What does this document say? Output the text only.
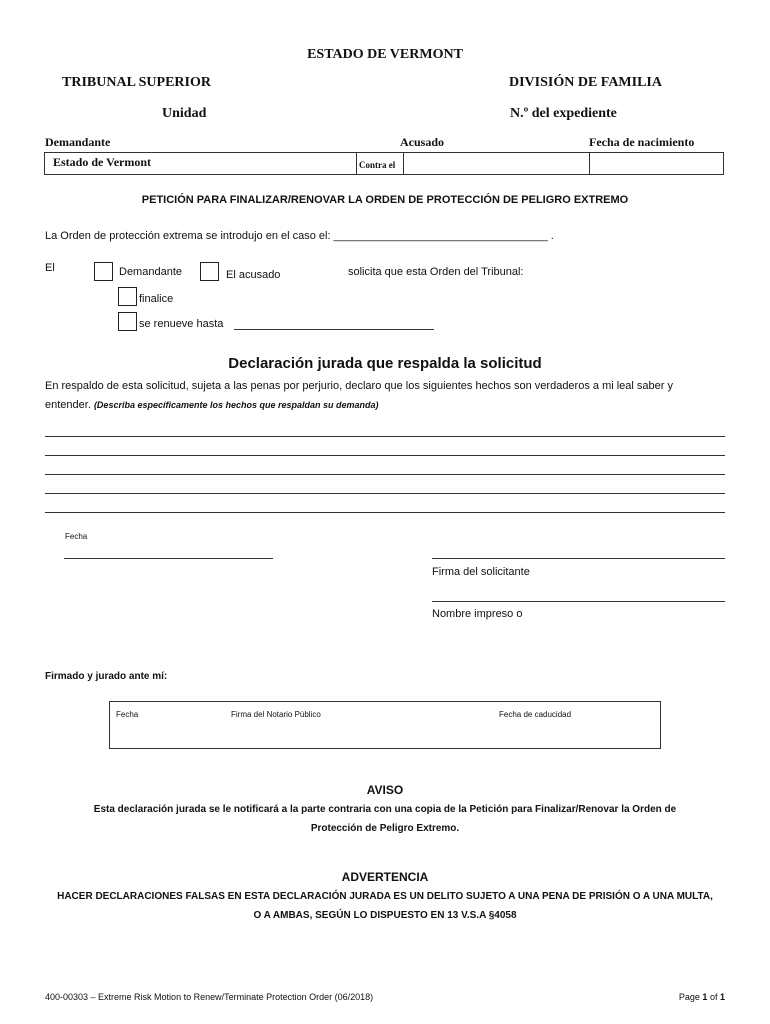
ESTADO DE VERMONT
TRIBUNAL SUPERIOR	DIVISIÓN DE FAMILIA
Unidad	N.º del expediente
Demandante	Acusado	Fecha de nacimiento
Estado de Vermont	Contra el
PETICIÓN PARA FINALIZAR/RENOVAR LA ORDEN DE PROTECCIÓN DE PELIGRO EXTREMO
La Orden de protección extrema se introdujo en el caso el: ___________________________________ .
El	Demandante	El acusado	solicita que esta Orden del Tribunal:
finalice
se renueve hasta
Declaración jurada que respalda la solicitud
En respaldo de esta solicitud, sujeta a las penas por perjurio, declaro que los siguientes hechos son verdaderos a mi leal saber y
entender. (Describa específicamente los hechos que respaldan su demanda)
Fecha
Firma del solicitante
Nombre impreso o
Firmado y jurado ante mí:
Fecha	Firma del Notario Público	Fecha de caducidad
AVISO
Esta declaración jurada se le notificará a la parte contraria con una copia de la Petición para Finalizar/Renovar la Orden de
Protección de Peligro Extremo.
ADVERTENCIA
HACER DECLARACIONES FALSAS EN ESTA DECLARACIÓN JURADA ES UN DELITO SUJETO A UNA PENA DE PRISIÓN O A UNA MULTA,
O A AMBAS, SEGÚN LO DISPUESTO EN 13 V.S.A §4058
400-00303 – Extreme Risk Motion to Renew/Terminate Protection Order (06/2018)	Page 1 of 1
